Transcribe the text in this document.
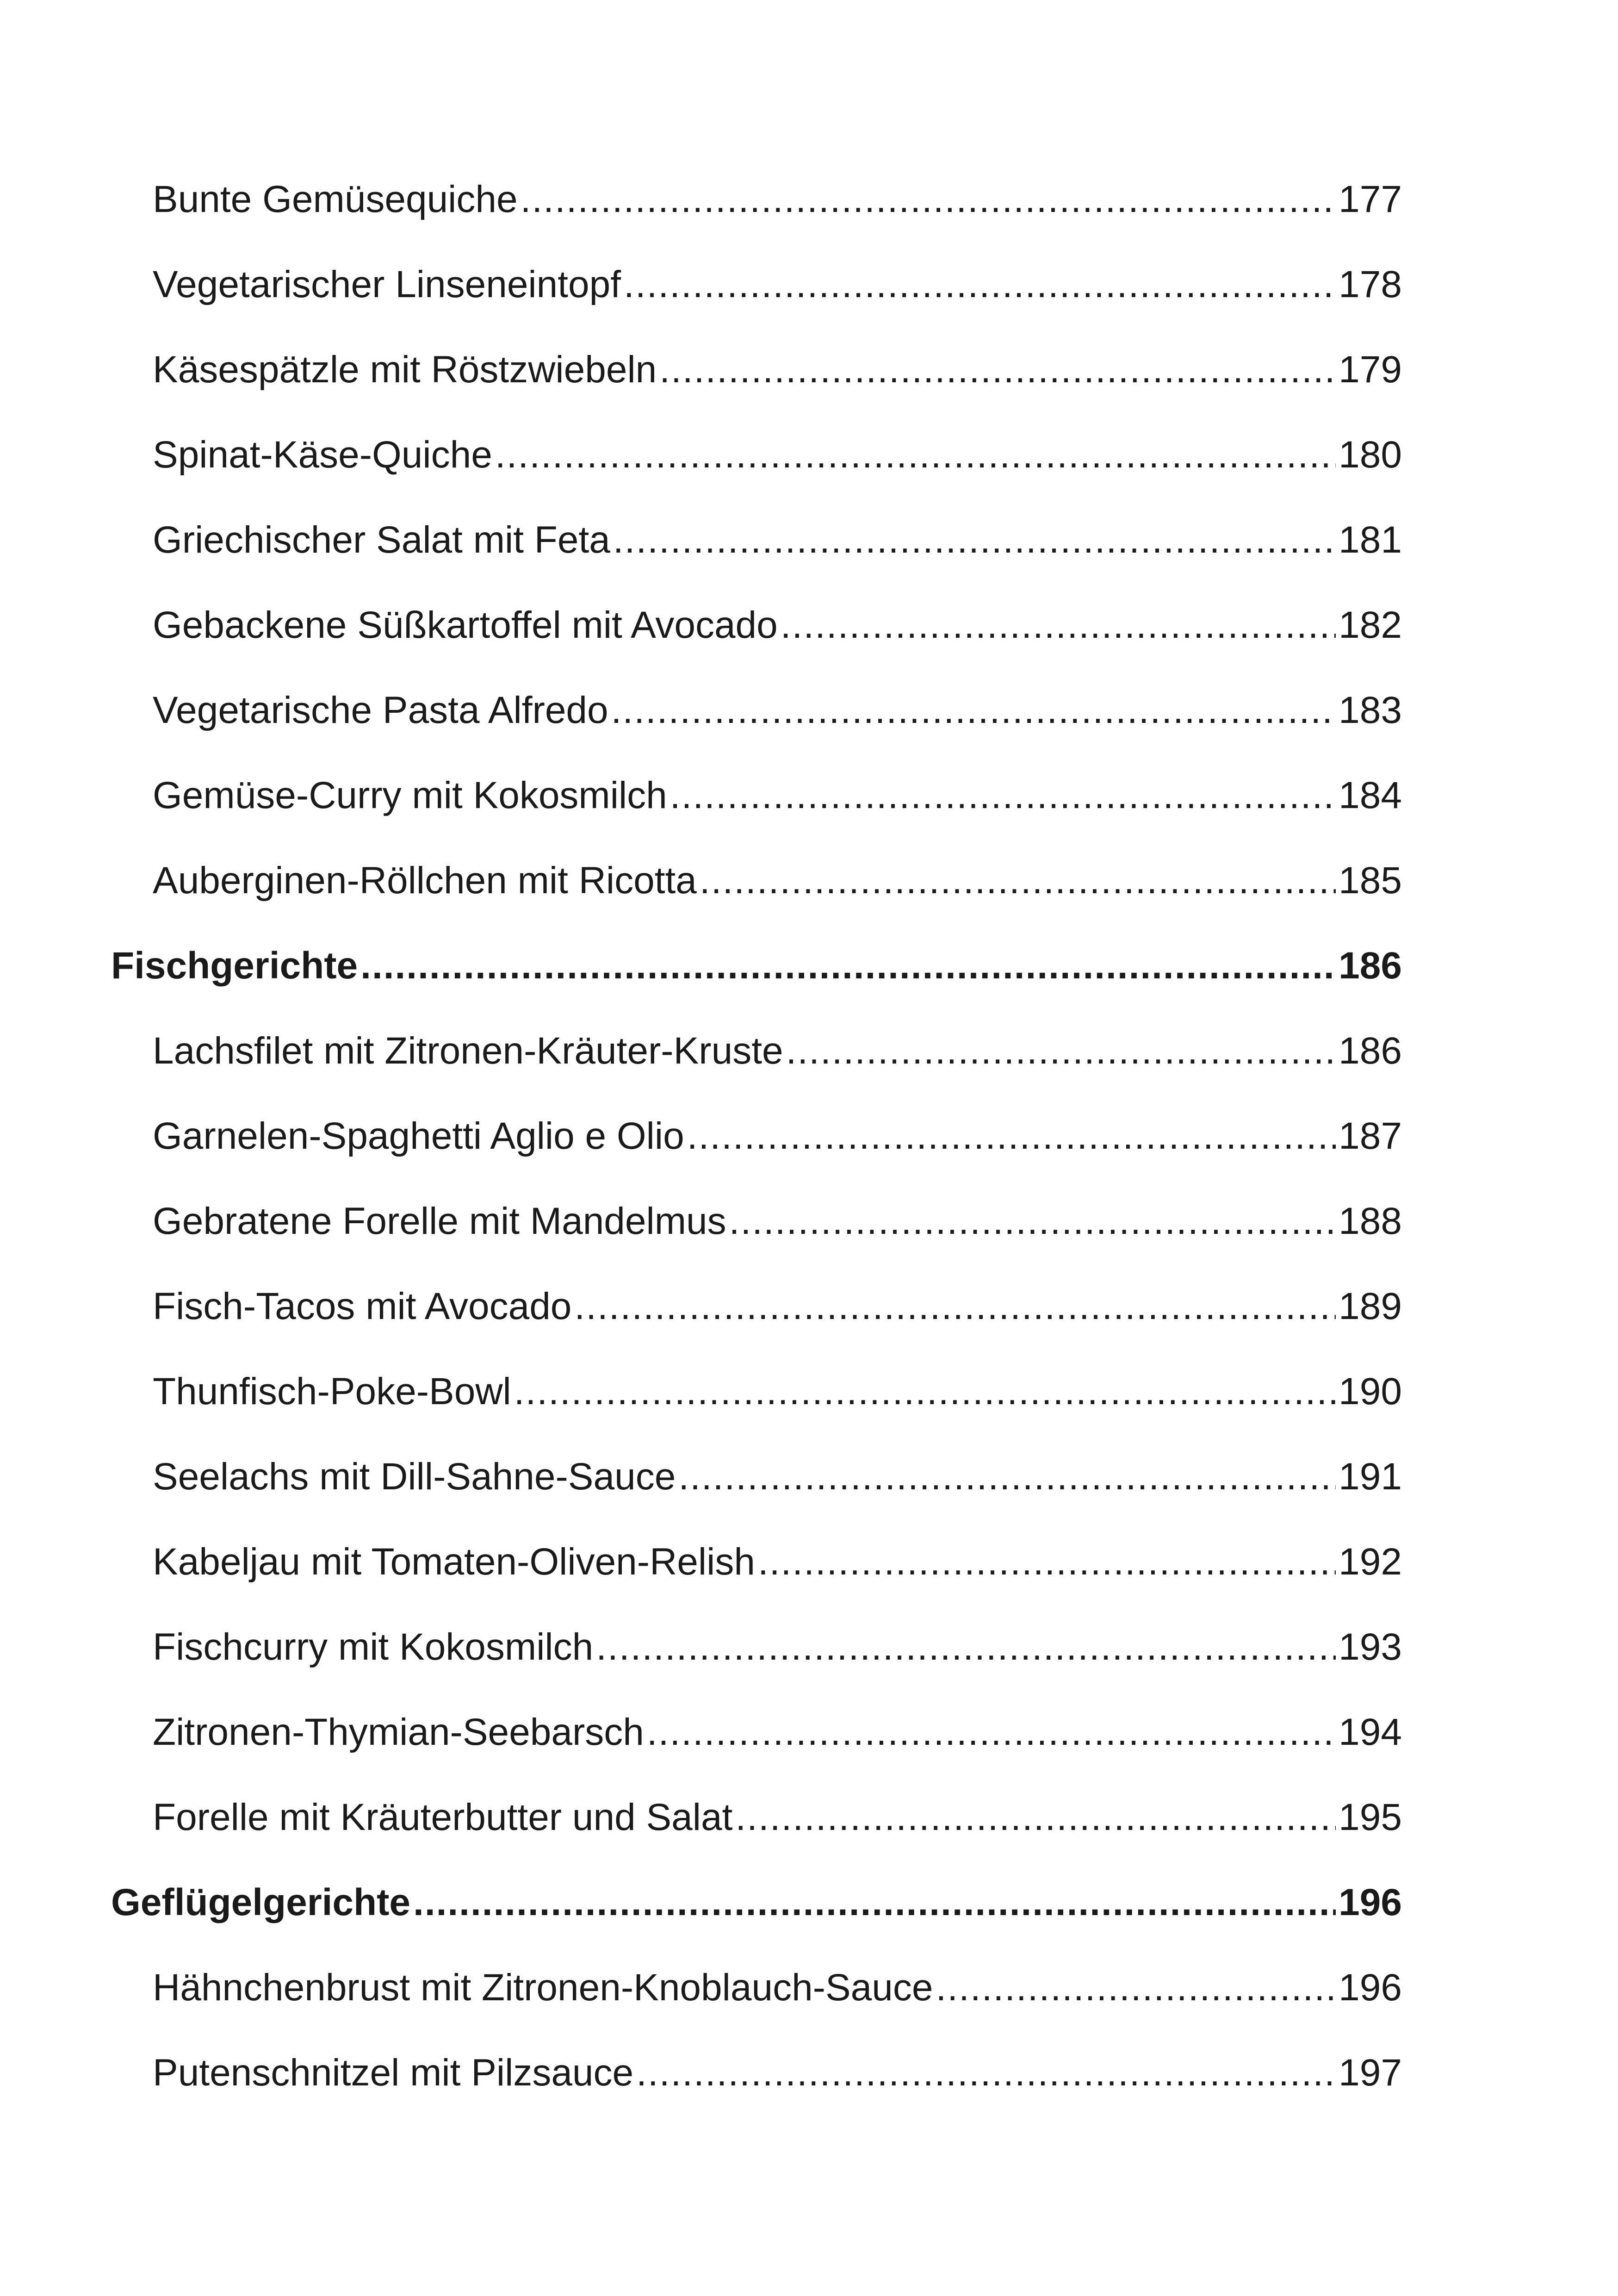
Bunte Gemüsequiche .....	177
Vegetarischer Linseneintopf .....	178
Käsespätzle mit Röstzwiebeln .....	179
Spinat-Käse-Quiche .....	180
Griechischer Salat mit Feta .....	181
Gebackene Süßkartoffel mit Avocado .....	182
Vegetarische Pasta Alfredo .....	183
Gemüse-Curry mit Kokosmilch .....	184
Auberginen-Röllchen mit Ricotta .....	185
Fischgerichte .....	186
Lachsfilet mit Zitronen-Kräuter-Kruste .....	186
Garnelen-Spaghetti Aglio e Olio .....	187
Gebratene Forelle mit Mandelmus .....	188
Fisch-Tacos mit Avocado .....	189
Thunfisch-Poke-Bowl .....	190
Seelachs mit Dill-Sahne-Sauce .....	191
Kabeljau mit Tomaten-Oliven-Relish .....	192
Fischcurry mit Kokosmilch .....	193
Zitronen-Thymian-Seebarsch .....	194
Forelle mit Kräuterbutter und Salat .....	195
Geflügelgerichte .....	196
Hähnchenbrust mit Zitronen-Knoblauch-Sauce .....	196
Putenschnitzel mit Pilzsauce .....	197
